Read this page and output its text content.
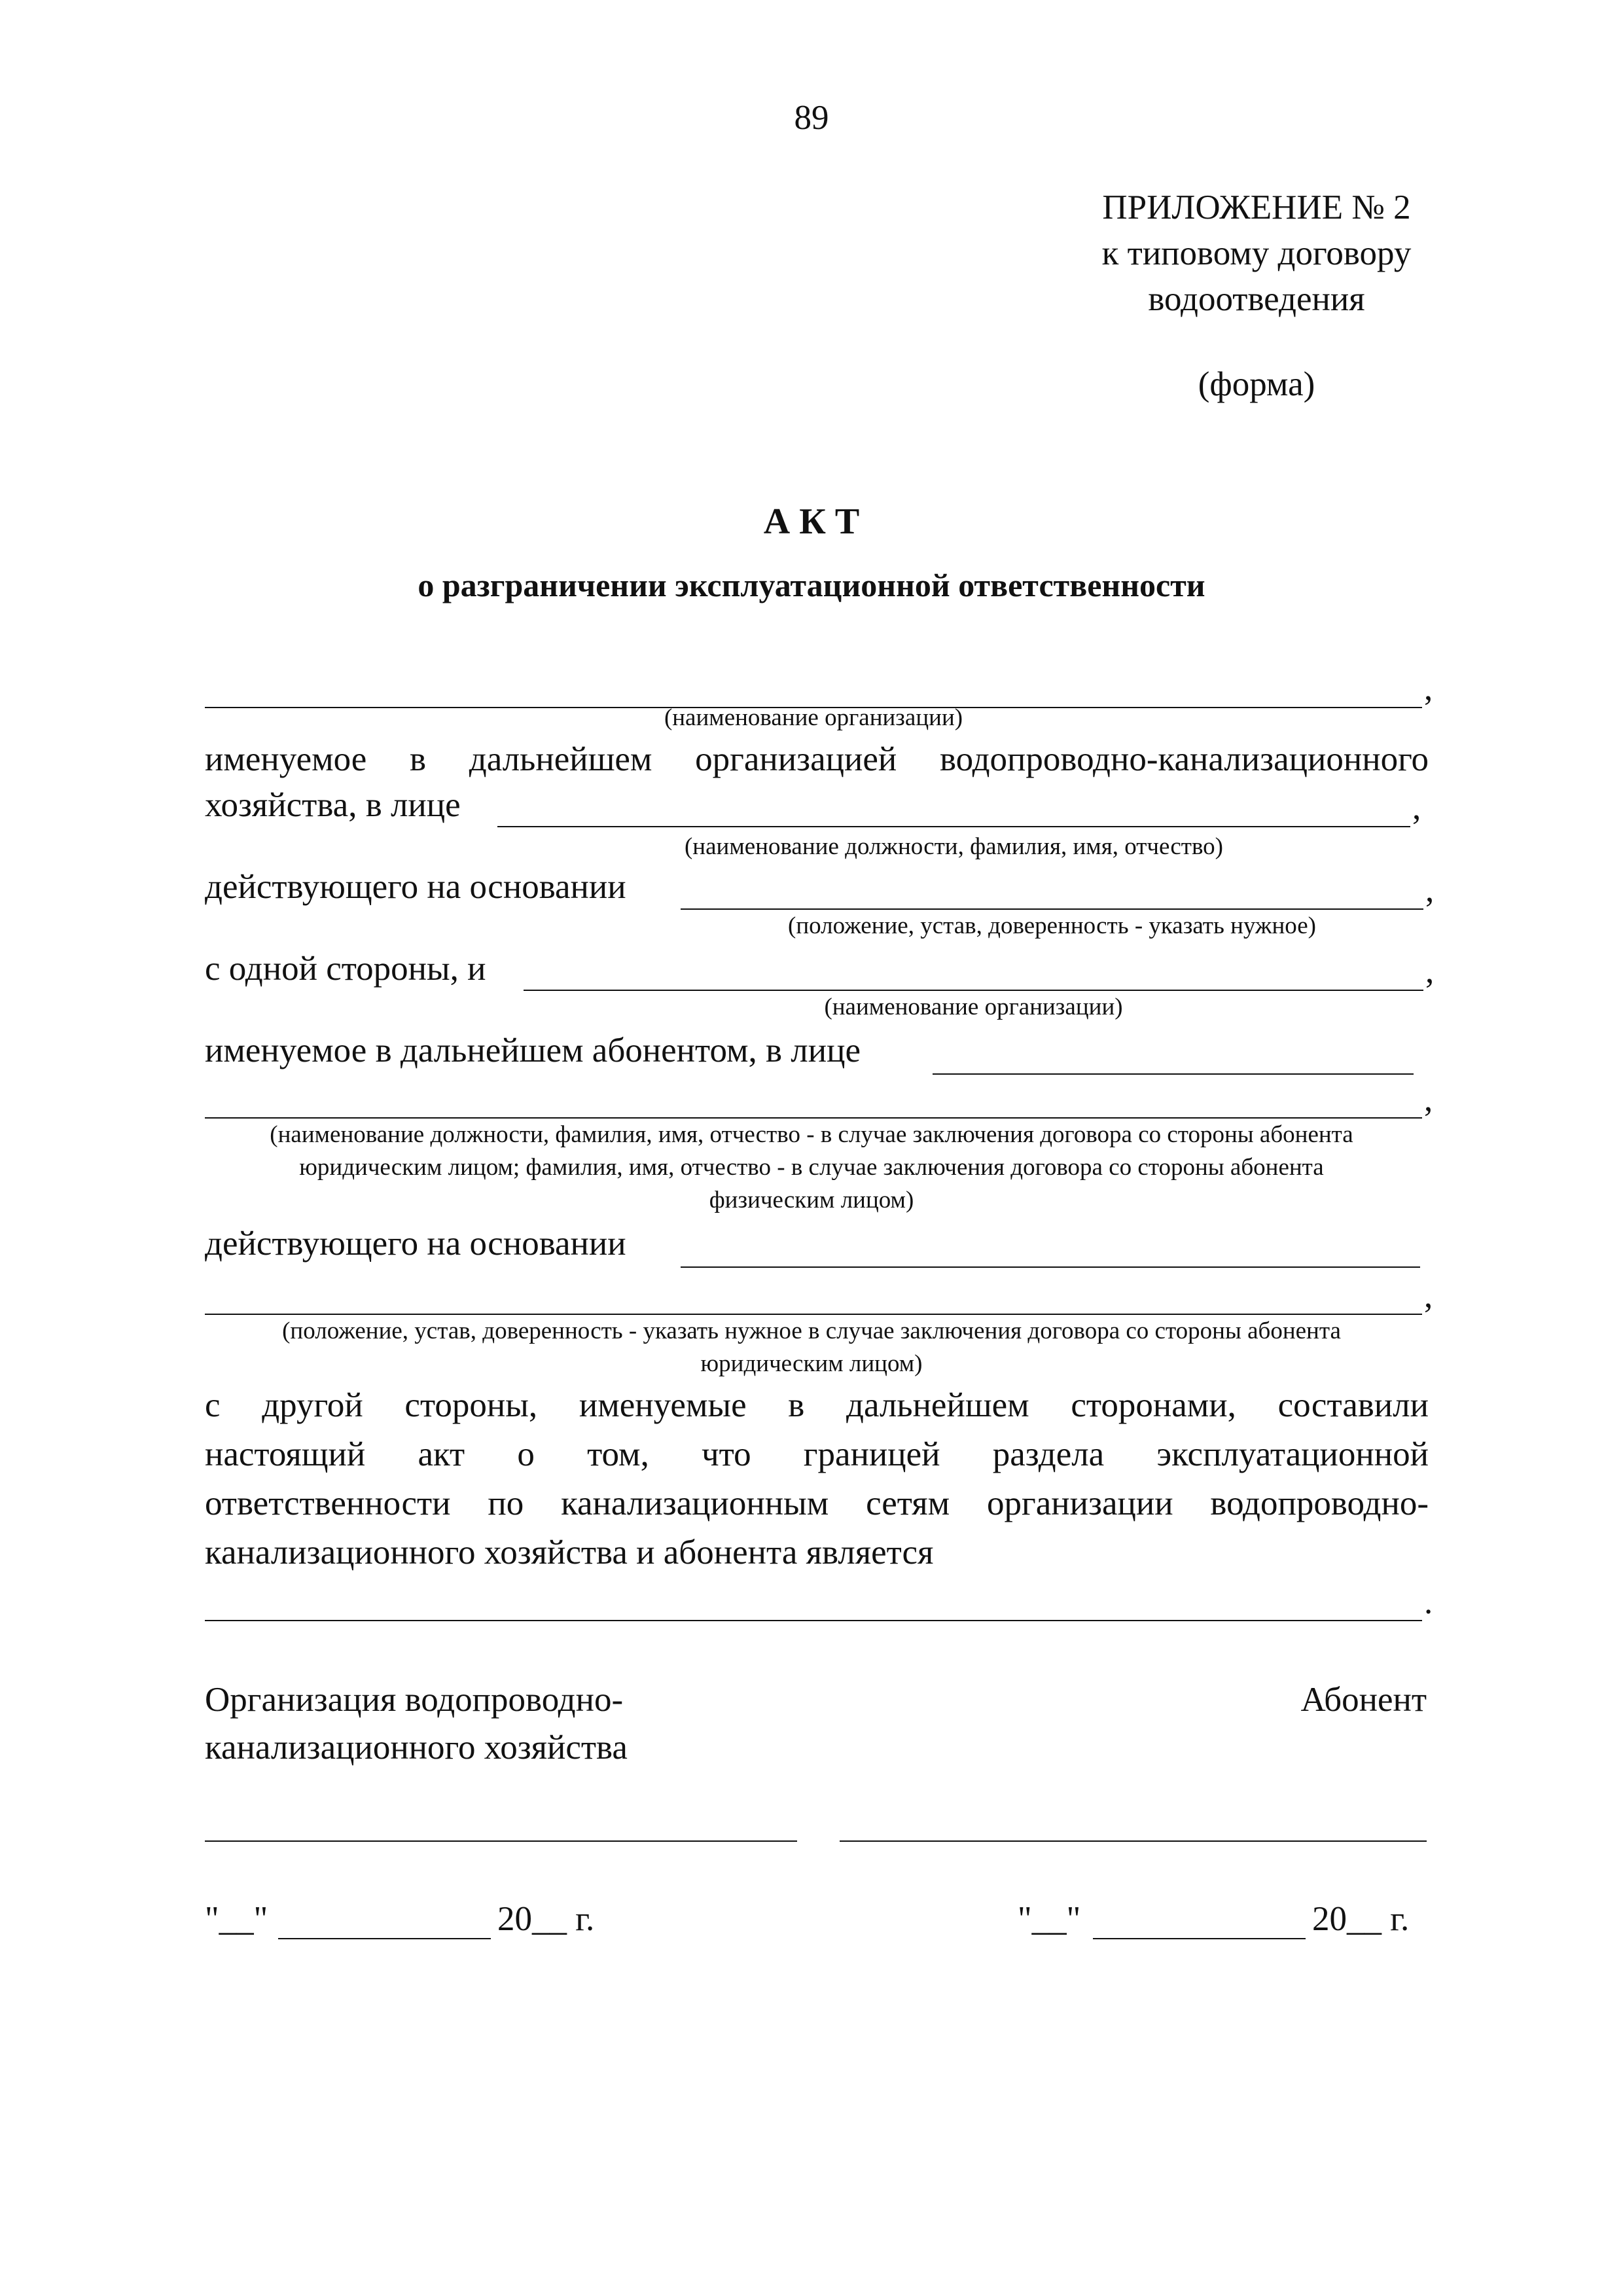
89
ПРИЛОЖЕНИЕ № 2
к типовому договору
водоотведения
(форма)
А К Т
о разграничении эксплуатационной ответственности
,
(наименование организации)
именуемое в дальнейшем организацией водопроводно-канализационного
хозяйства, в лице	,
(наименование должности, фамилия, имя, отчество)
действующего на основании	,
(положение, устав, доверенность - указать нужное)
с одной стороны, и	,
(наименование организации)
именуемое в дальнейшем абонентом, в лице
,
(наименование должности, фамилия, имя, отчество - в случае заключения договора со стороны абонента
юридическим лицом; фамилия, имя, отчество - в случае заключения договора со стороны абонента
физическим лицом)
действующего на основании
,
(положение, устав, доверенность - указать нужное в случае заключения договора со стороны абонента
юридическим лицом)
с другой стороны, именуемые в дальнейшем сторонами, составили
настоящий акт о том, что границей раздела эксплуатационной
ответственности по канализационным сетям организации водопроводно-
канализационного хозяйства и абонента является
.
Организация водопроводно-
канализационного хозяйства
Абонент
"__"	20__ г.	"__"	20__ г.
